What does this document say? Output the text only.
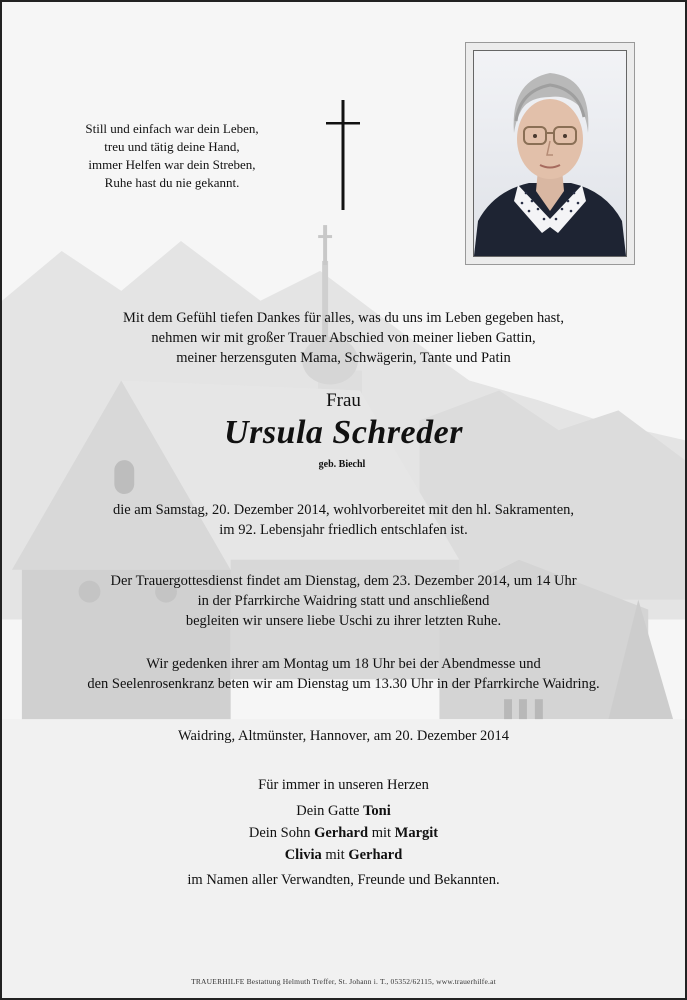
Still und einfach war dein Leben,
treu und tätig deine Hand,
immer Helfen war dein Streben,
Ruhe hast du nie gekannt.
Mit dem Gefühl tiefen Dankes für alles, was du uns im Leben gegeben hast,
nehmen wir mit großer Trauer Abschied von meiner lieben Gattin,
meiner herzensguten Mama, Schwägerin, Tante und Patin
Frau
Ursula Schreder
geb. Biechl
die am Samstag, 20. Dezember 2014, wohlvorbereitet mit den hl. Sakramenten,
im 92. Lebensjahr friedlich entschlafen ist.
Der Trauergottesdienst findet am Dienstag, dem 23. Dezember 2014, um 14 Uhr
in der Pfarrkirche Waidring statt und anschließend
begleiten wir unsere liebe Uschi zu ihrer letzten Ruhe.
Wir gedenken ihrer am Montag um 18 Uhr bei der Abendmesse und
den Seelenrosenkranz beten wir am Dienstag um 13.30 Uhr in der Pfarrkirche Waidring.
Waidring, Altmünster, Hannover, am 20. Dezember 2014
Für immer in unseren Herzen
Dein Gatte Toni
Dein Sohn Gerhard mit Margit
Clivia mit Gerhard
im Namen aller Verwandten, Freunde und Bekannten.
TRAUERHILFE Bestattung Helmuth Treffer, St. Johann i. T., 05352/62115, www.trauerhilfe.at
